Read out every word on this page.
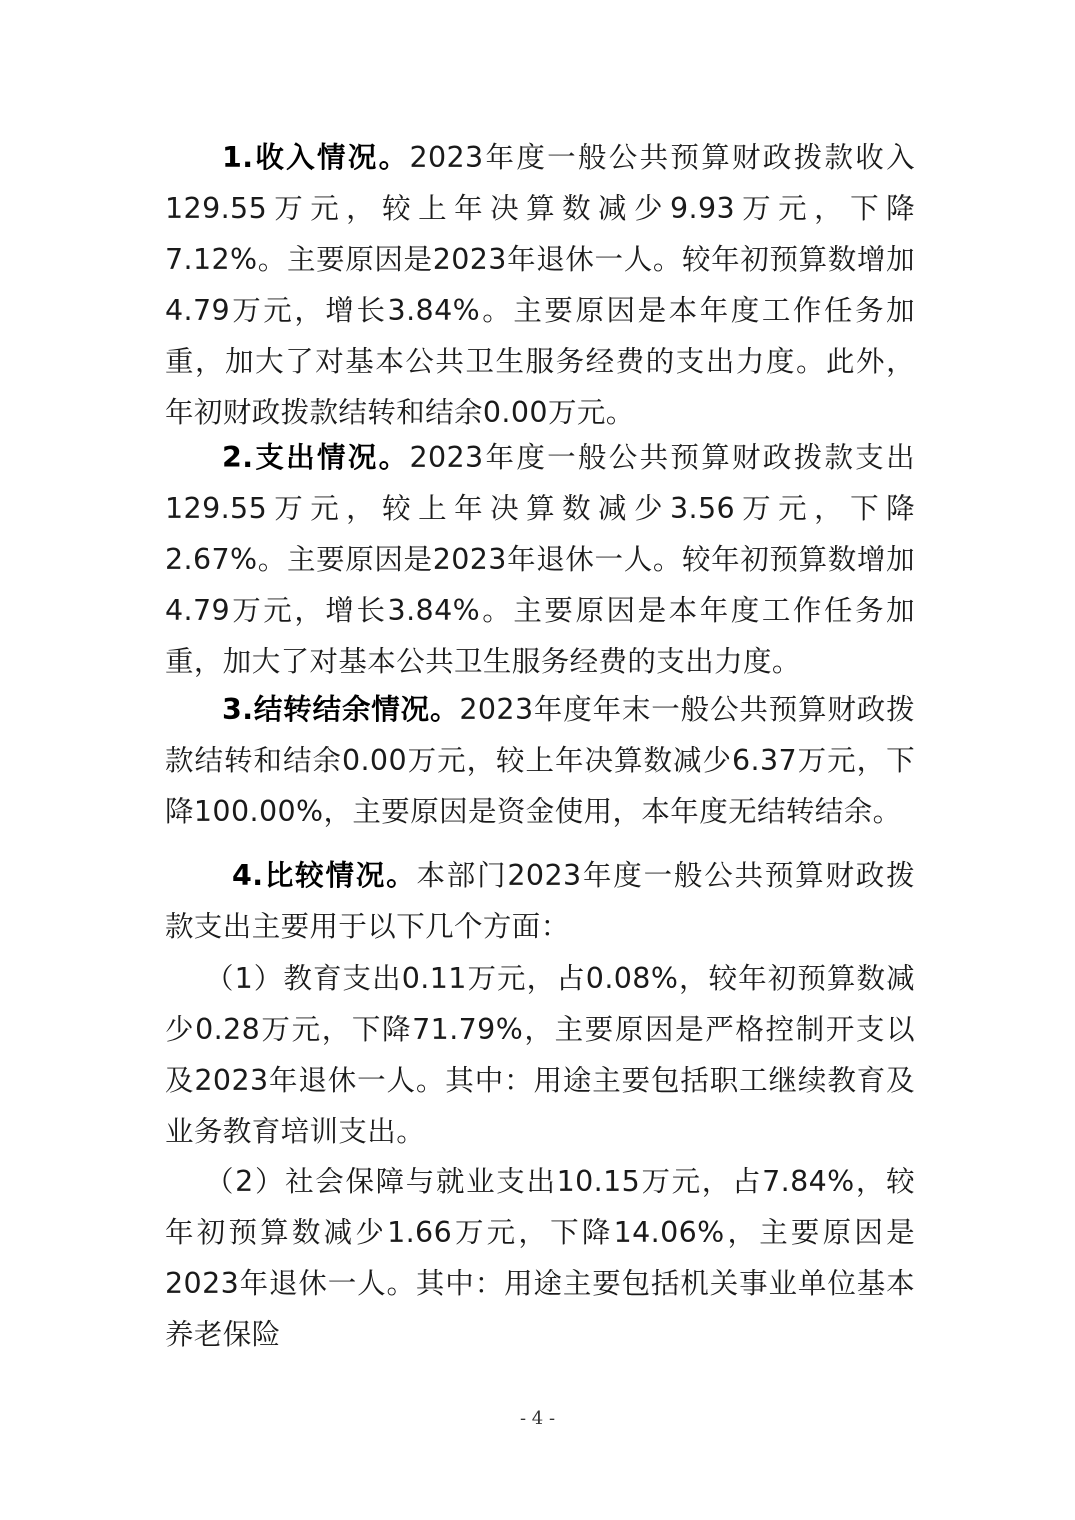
1.收入情况。2023年度一般公共预算财政拨款收入129.55万元，较上年决算数减少9.93万元，下降7.12%。主要原因是2023年退休一人。较年初预算数增加4.79万元，增长3.84%。主要原因是本年度工作任务加重，加大了对基本公共卫生服务经费的支出力度。此外，年初财政拨款结转和结余0.00万元。

2.支出情况。2023年度一般公共预算财政拨款支出129.55万元，较上年决算数减少3.56万元，下降2.67%。主要原因是2023年退休一人。较年初预算数增加4.79万元，增长3.84%。主要原因是本年度工作任务加重，加大了对基本公共卫生服务经费的支出力度。

3.结转结余情况。2023年度年末一般公共预算财政拨款结转和结余0.00万元，较上年决算数减少6.37万元，下降100.00%，主要原因是资金使用，本年度无结转结余。

4.比较情况。本部门2023年度一般公共预算财政拨款支出主要用于以下几个方面：

（1）教育支出0.11万元，占0.08%，较年初预算数减少0.28万元，下降71.79%，主要原因是严格控制开支以及2023年退休一人。其中：用途主要包括职工继续教育及业务教育培训支出。

（2）社会保障与就业支出10.15万元，占7.84%，较年初预算数减少1.66万元，下降14.06%，主要原因是2023年退休一人。其中：用途主要包括机关事业单位基本养老保险

- 4 -
